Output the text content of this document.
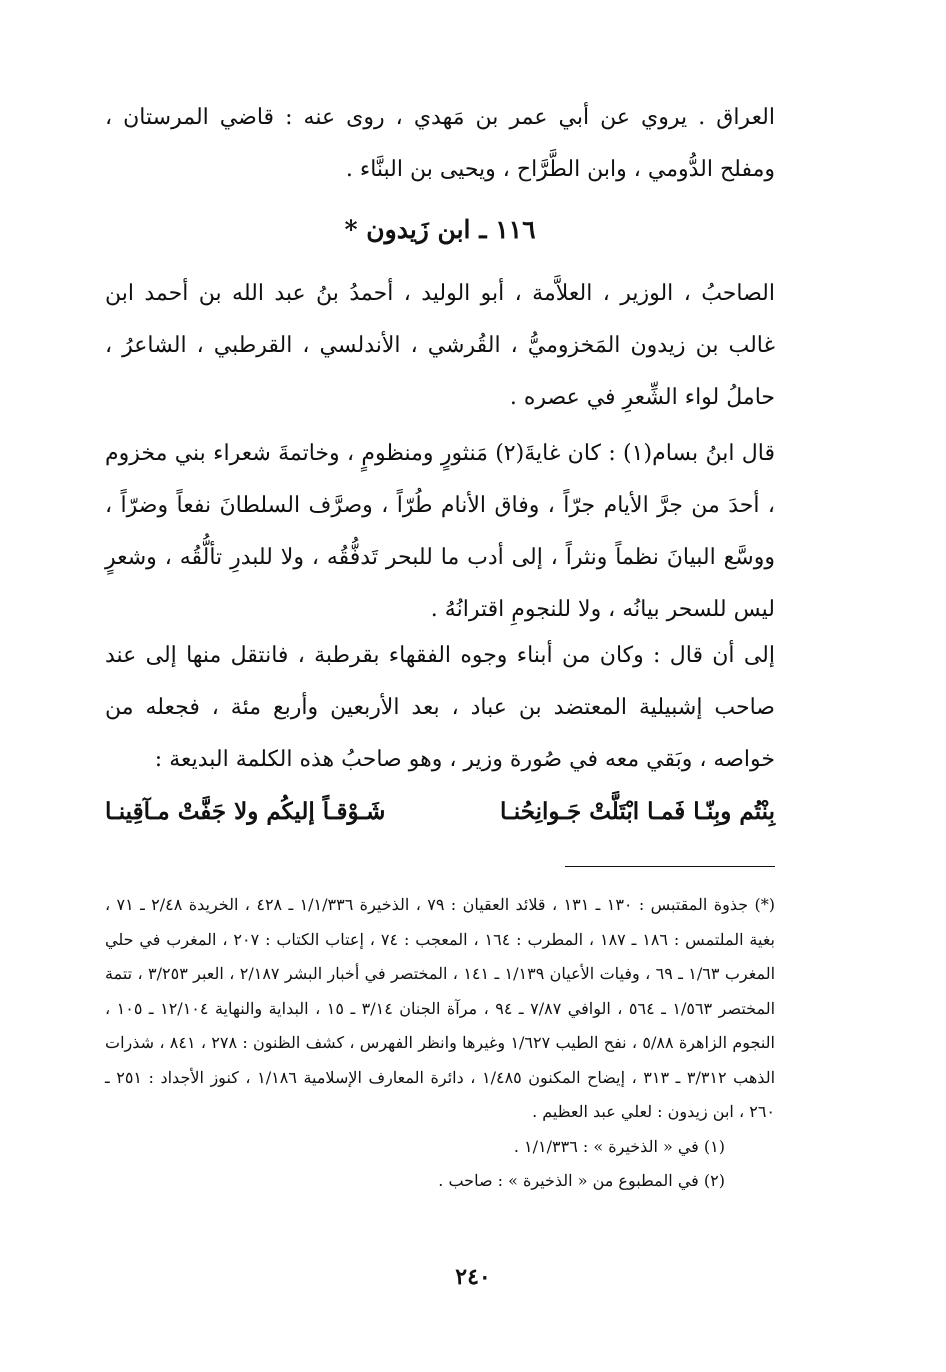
العراق . يروي عن أبي عمر بن مَهدي ، روى عنه : قاضي المرستان ، ومفلح الدُّومي ، وابن الطَّرَّاح ، ويحيى بن البنَّاء .

١١٦ ـ ابن زَيدون *

الصاحبُ ، الوزير ، العلاَّمة ، أبو الوليد ، أحمدُ بنُ عبد الله بن أحمد ابن غالب بن زيدون المَخزوميُّ ، القُرشي ، الأندلسي ، القرطبي ، الشاعرُ ، حاملُ لواء الشِّعرِ في عصره .

قال ابنُ بسام(١) : كان غايةَ(٢) مَنثورٍ ومنظومٍ ، وخاتمةَ شعراء بني مخزوم ، أحدَ من جرَّ الأيام جرّاً ، وفاق الأنام طُرّاً ، وصرَّف السلطانَ نفعاً وضرّاً ، ووسَّع البيانَ نظماً ونثراً ، إلى أدب ما للبحر تَدفُّقُه ، ولا للبدرِ تألُّقُه ، وشعرٍ ليس للسحر بيانُه ، ولا للنجومِ اقترانُهُ .

إلى أن قال : وكان من أبناء وجوه الفقهاء بقرطبة ، فانتقل منها إلى عند صاحب إشبيلية المعتضد بن عباد ، بعد الأربعين وأربع مئة ، فجعله من خواصه ، وبَقي معه في صُورة وزير ، وهو صاحبُ هذه الكلمة البديعة :

بِنْتُم وبِنّـا فَمـا ابْتَلَّتْ جَـوانِحُنـا
شَـوْقـاً إليكُم ولا جَفَّتْ مـآقِينـا

(*) جذوة المقتبس : ١٣٠ ـ ١٣١ ، قلائد العقيان : ٧٩ ، الذخيرة ١/١/٣٣٦ ـ ٤٢٨ ، الخريدة ٢/٤٨ ـ ٧١ ، بغية الملتمس : ١٨٦ ـ ١٨٧ ، المطرب : ١٦٤ ، المعجب : ٧٤ ، إعتاب الكتاب : ٢٠٧ ، المغرب في حلي المغرب ١/٦٣ ـ ٦٩ ، وفيات الأعيان ١/١٣٩ ـ ١٤١ ، المختصر في أخبار البشر ٢/١٨٧ ، العبر ٣/٢٥٣ ، تتمة المختصر ١/٥٦٣ ـ ٥٦٤ ، الوافي ٧/٨٧ ـ ٩٤ ، مرآة الجنان ٣/١٤ ـ ١٥ ، البداية والنهاية ١٢/١٠٤ ـ ١٠٥ ، النجوم الزاهرة ٥/٨٨ ، نفح الطيب ١/٦٢٧ وغيرها وانظر الفهرس ، كشف الظنون : ٢٧٨ ، ٨٤١ ، شذرات الذهب ٣/٣١٢ ـ ٣١٣ ، إيضاح المكنون ١/٤٨٥ ، دائرة المعارف الإسلامية ١/١٨٦ ، كنوز الأجداد : ٢٥١ ـ ٢٦٠ ، ابن زيدون : لعلي عبد العظيم .

(١) في « الذخيرة » : ١/١/٣٣٦ .

(٢) في المطبوع من « الذخيرة » : صاحب .

٢٤٠
